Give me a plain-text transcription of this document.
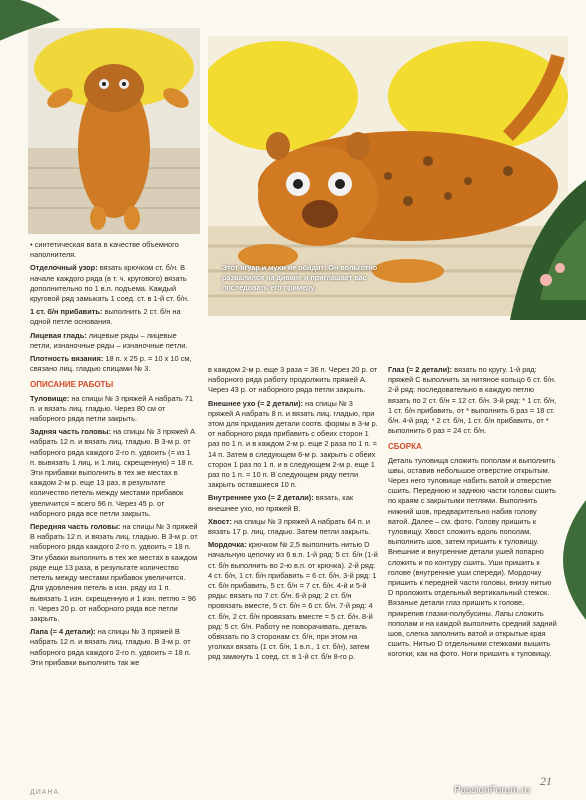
Этот ягуар и мухи не обидит! Он вольготно развалился на диване и приглашает вас последовать его примеру.

• синтетическая вата в качестве объемного наполнителя.

Отделочный узор: вязать крючком ст. б/н. В начале каждого ряда (в т. ч. кругового) вязать дополнительно по 1 в.п. подъема. Каждый круговой ряд замыкать 1 соед. ст. в 1-й ст. б/н.

1 ст. б/н прибавить: выполнить 2 ст. б/н на одной петле основания.

Лицевая гладь: лицевые ряды – лицевые петли, изнаночные ряды – изнаночные петли.

Плотность вязания: 18 п. x 25 р. = 10 x 10 см, связано лиц. гладью спицами № 3.

ОПИСАНИЕ РАБОТЫ

Туловище: на спицы № 3 пряжей A набрать 71 п. и вязать лиц. гладью. Через 80 см от наборного ряда петли закрыть.

Задняя часть головы: на спицы № 3 пряжей A набрать 12 п. и вязать лиц. гладью. В 3-м р. от наборного ряда каждого 2-го п. удвоить (= из 1 п. вывязать 1 лиц. и 1 лиц. скрещенную) = 18 п. Эти прибавки выполнить в тех же местах в каждом 2-м р. еще 13 раз, в результате количество петель между местами прибавок увеличится = всего 96 п. Через 45 р. от наборного ряда все петли закрыть.

Передняя часть головы: на спицы № 3 пряжей B набрать 12 п. и вязать лиц. гладью. В 3-м р. от наборного ряда каждого 2-го п. удвоить = 18 п. Эти убавки выполнить в тех же местах в каждом ряде еще 13 раза, в результате количество петель между местами прибавок увеличится. Для удовления петель в изн. ряду из 1 п. вывязать 1 изн. скрещенную и 1 изн. петлю = 96 п. Через 20 р. от наборного ряда все петли закрыть.

Лапа (= 4 детали): на спицы № 3 пряжей B набрать 12 п. и вязать лиц. гладью. В 3-м р. от наборного ряда каждого 2-го п. удвоить = 18 п. Эти прибавки выполнить так же

в каждом 2-м р. еще 3 раза = 36 п. Через 20 р. от наборного ряда работу продолжить пряжей A. Через 43 р. от наборного ряда петли закрыть.

Внешнее ухо (= 2 детали): на спицы № 3 пряжей A набрать 8 п. и вязать лиц. гладью, при этом для придания детали соотв. формы в 3-м р. от наборного ряда прибавить с обеих сторон 1 раз по 1 п. и в каждом 2-м р. еще 2 раза по 1 п. = 14 п. Затем в следующем 6-м р. закрыть с обеих сторон 1 раз по 1 п. и в следующем 2-м р. еще 1 раз по 1 п. = 10 п. В следующем ряду петли закрыть оставшиеся 10 п.

Внутреннее ухо (= 2 детали): вязать, как внешнее ухо, но пряжей B.

Хвост: на спицы № 3 пряжей A набрать 64 п. и вязать 17 р. лиц. гладью. Затем петли закрыть.

Мордочка: крючком № 2,5 выполнить нитью D начальную цепочку из 6 в.п. 1-й ряд: 5 ст. б/н (1-й ст. б/н выполнить во 2-ю в.п. от крючка). 2-й ряд: 4 ст. б/н, 1 ст. б/н прибавить = 6 ст. б/н. 3-й ряд: 1 ст. б/н прибавить, 5 ст. б/н = 7 ст. б/н. 4-й и 5-й ряды: вязать по 7 ст. б/н. 6-й ряд: 2 ст. б/н провязать вместе, 5 ст. б/н = 6 ст. б/н. 7-й ряд: 4 ст. б/н, 2 ст. б/н провязать вместе = 5 ст. б/н. 8-й ряд: 5 ст. б/н. Работу не поворачивать, деталь обвязать по 3 сторонам ст. б/н, при этом на уголках вязать (1 ст. б/н, 1 в.п., 1 ст. б/н), затем ряд замкнуть 1 соед. ст. в 1-й ст. б/н 8-го р.

Глаз (= 2 детали): вязать по кругу. 1-й ряд: пряжей C выполнить за нитяное кольцо 6 ст. б/н. 2-й ряд: последовательно в каждую петлю вязать по 2 ст. б/н = 12 ст. б/н. 3-й ряд: * 1 ст. б/н, 1 ст. б/н прибавить, от * выполнить 6 раз = 18 ст. б/н. 4-й ряд: * 2 ст. б/н, 1 ст. б/н прибавить, от * выполнить 6 раз = 24 ст. б/н.

СБОРКА

Деталь туловища сложить пополам и выполнить швы, оставив небольшое отверстие открытым. Через него туловище набить ватой и отверстие сшить. Переднюю и заднюю части головы сшить по краям с закрытыми петлями. Выполнить нижний шов, предварительно набив голову ватой. Далее – см. фото. Голову пришить к туловищу. Хвост сложить вдоль пополам, выполнить шов, затем пришить к туловищу. Внешние и внутренние детали ушей попарно сложить и по контуру сшить. Уши пришить к голове (внутренние уши спереди). Мордочку пришить к передней части головы, внизу нитью D проложить отдельный вертикальный стежок. Вязаные детали глаз пришить к голове, прикрепив глазки-полубусины. Лапы сложить пополам и на каждой выполнить средний задний шов, слегка заполнить ватой и открытые края сшить. Нитью D отдельными стежками вышить коготки, как на фото. Ноги пришить к туловищу.

ДИАНА
21
PassionForum.ru
